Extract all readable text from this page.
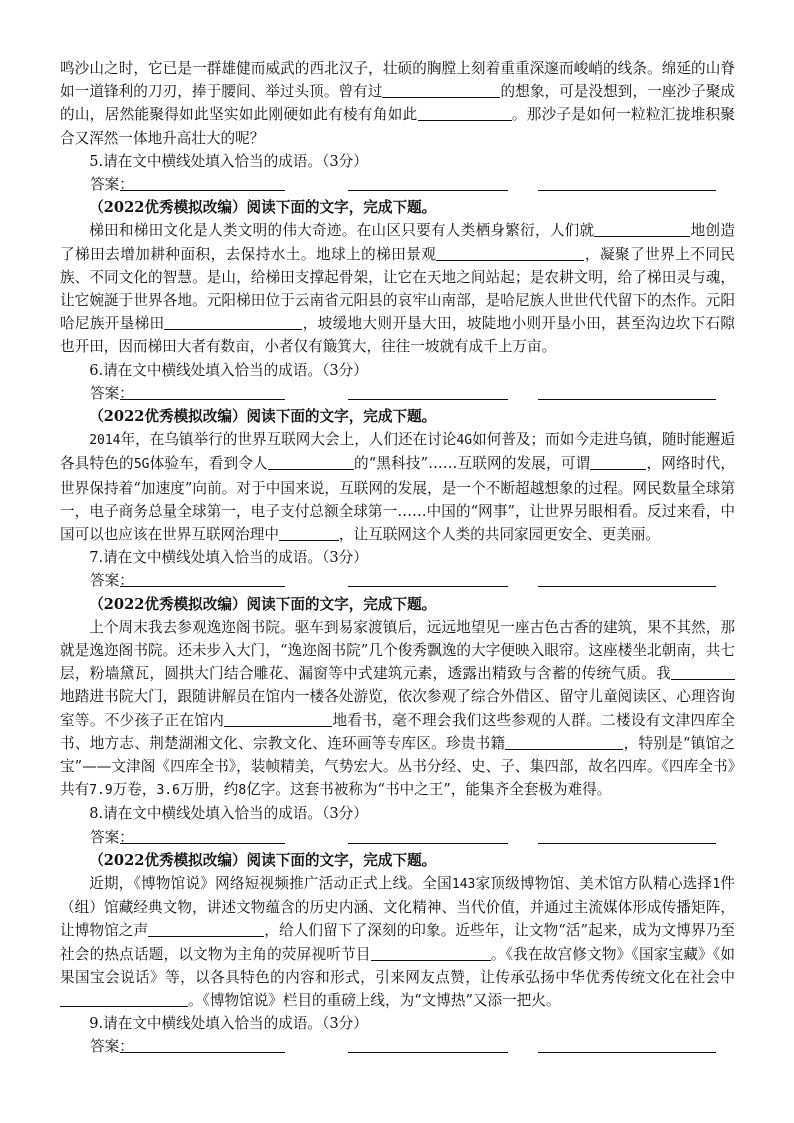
鸣沙山之时，它已是一群雄健而威武的西北汉子，壮硕的胸膛上刻着重重深邃而峻峭的线条。绵延的山脊如一道锋利的刀刃，捧于腰间、举过头顶。曾有过	的想象，可是没想到，一座沙子聚成的山，居然能聚得如此坚实如此刚硬如此有棱有角如此	。那沙子是如何一粒粒汇拢堆积聚合又浑然一体地升高壮大的呢？

5.请在文中横线处填入恰当的成语。（3分）

答案：

（2022优秀模拟改编）阅读下面的文字，完成下题。

梯田和梯田文化是人类文明的伟大奇迹。在山区只要有人类栖身繁衍，人们就	地创造了梯田去增加耕种面积，去保持水土。地球上的梯田景观	，凝聚了世界上不同民族、不同文化的智慧。是山，给梯田支撑起骨架，让它在天地之间站起；是农耕文明，给了梯田灵与魂，让它婉誕于世界各地。元阳梯田位于云南省元阳县的哀牢山南部，是哈尼族人世世代代留下的杰作。元阳哈尼族开垦梯田	，坡缓地大则开垦大田，坡陡地小则开垦小田，甚至沟边坎下石隙也开田，因而梯田大者有数亩，小者仅有簸箕大，往往一坡就有成千上万亩。

6.请在文中横线处填入恰当的成语。（3分）

答案：

（2022优秀模拟改编）阅读下面的文字，完成下题。

2014年，在乌镇举行的世界互联网大会上，人们还在讨论4G如何普及；而如今走进乌镇，随时能邂逅各具特色的5G体验车，看到令人	的“黑科技”……互联网的发展，可谓	，网络时代，世界保持着“加速度”向前。对于中国来说，互联网的发展，是一个不断超越想象的过程。网民数量全球第一，电子商务总量全球第一，电子支付总额全球第一……中国的“网事”，让世界另眼相看。反过来看，中国可以也应该在世界互联网治理中	，让互联网这个人类的共同家园更安全、更美丽。

7.请在文中横线处填入恰当的成语。（3分）

答案：

（2022优秀模拟改编）阅读下面的文字，完成下题。

上个周末我去参观逸迩阁书院。驱车到易家渡镇后，远远地望见一座古色古香的建筑，果不其然，那就是逸迩阁书院。还未步入大门，“逸迩阁书院”几个俊秀飘逸的大字便映入眼帘。这座楼坐北朝南，共七层，粉墙黛瓦，圆拱大门结合雕花、漏窗等中式建筑元素，透露出精致与含蓄的传统气质。我地踏进书院大门，跟随讲解员在馆内一楼各处游览，依次参观了综合外借区、留守儿童阅读区、心理咨询室等。不少孩子正在馆内	地看书，毫不理会我们这些参观的人群。二楼设有文津四库全书、地方志、荆楚湖湘文化、宗教文化、连环画等专库区。珍贵书籍	，特别是“镇馆之宝”——文津阁《四库全书》，装帧精美，气势宏大。丛书分经、史、子、集四部，故名四库。《四库全书》共有7.9万卷，3.6万册，约8亿字。这套书被称为“书中之王”，能集齐全套极为难得。

8.请在文中横线处填入恰当的成语。（3分）

答案：

（2022优秀模拟改编）阅读下面的文字，完成下题。

近期，《博物馆说》网络短视频推广活动正式上线。全国143家顶级博物馆、美术馆方队精心选择1件（组）馆藏经典文物，讲述文物蕴含的历史内涵、文化精神、当代价值，并通过主流媒体形成传播矩阵，让博物馆之声	，给人们留下了深刻的印象。近些年，让文物“活”起来，成为文博界乃至社会的热点话题，以文物为主角的荧屏视听节目	。《我在故宫修文物》《国家宝藏》《如果国宝会说话》等，以各具特色的内容和形式，引来网友点赞，让传承弘扬中华优秀传统文化在社会中。《博物馆说》栏目的重磅上线，为“文博热”又添一把火。

9.请在文中横线处填入恰当的成语。（3分）

答案：
